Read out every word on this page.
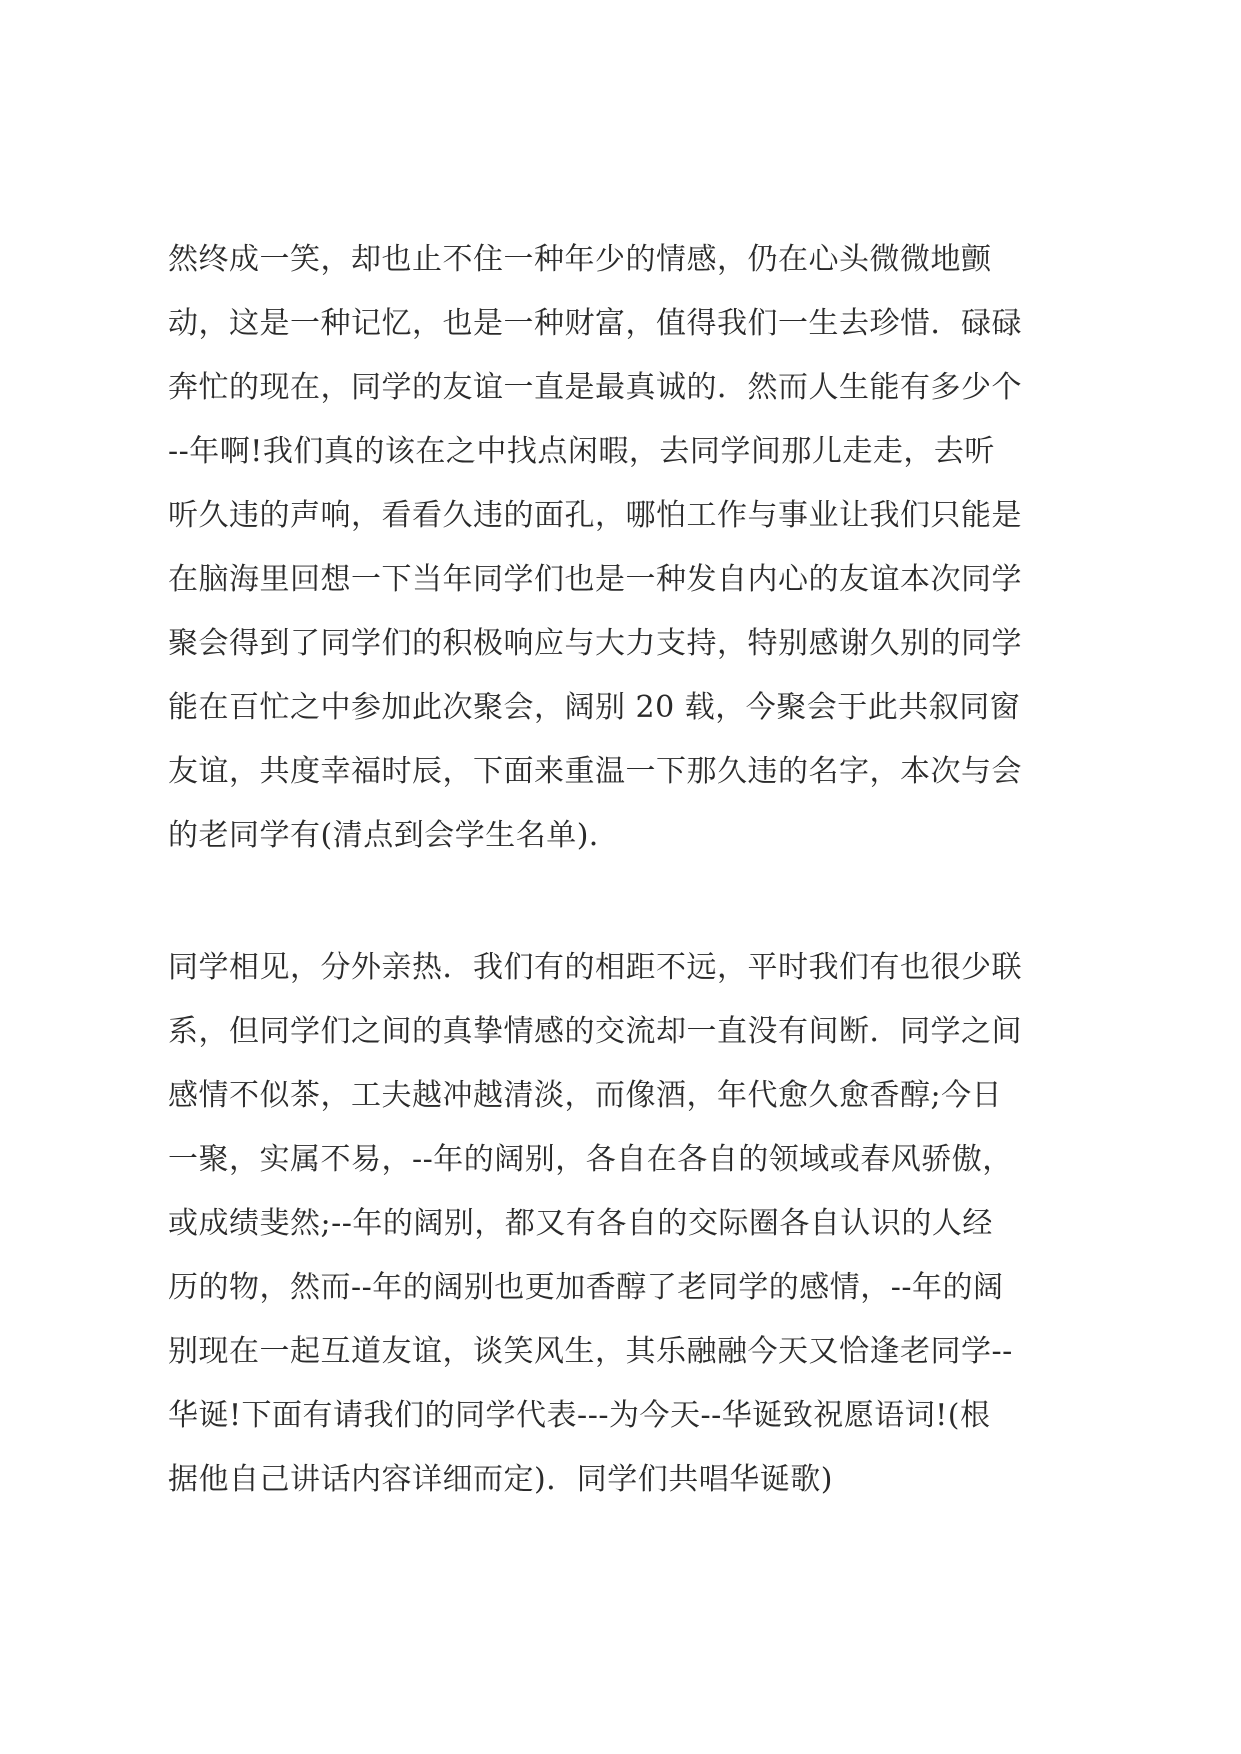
然终成一笑，却也止不住一种年少的情感，仍在心头微微地颤
动，这是一种记忆，也是一种财富，值得我们一生去珍惜．碌碌
奔忙的现在，同学的友谊一直是最真诚的．然而人生能有多少个
--年啊!我们真的该在之中找点闲暇，去同学间那儿走走，去听
听久违的声响，看看久违的面孔，哪怕工作与事业让我们只能是
在脑海里回想一下当年同学们也是一种发自内心的友谊本次同学
聚会得到了同学们的积极响应与大力支持，特别感谢久别的同学
能在百忙之中参加此次聚会，阔别 20 载，今聚会于此共叙同窗
友谊，共度幸福时辰，下面来重温一下那久违的名字，本次与会
的老同学有(清点到会学生名单)．
同学相见，分外亲热．我们有的相距不远，平时我们有也很少联
系，但同学们之间的真挚情感的交流却一直没有间断．同学之间
感情不似茶，工夫越冲越清淡，而像酒，年代愈久愈香醇;今日
一聚，实属不易，--年的阔别，各自在各自的领域或春风骄傲，
或成绩斐然;--年的阔别，都又有各自的交际圈各自认识的人经
历的物，然而--年的阔别也更加香醇了老同学的感情，--年的阔
别现在一起互道友谊，谈笑风生，其乐融融今天又恰逢老同学--
华诞!下面有请我们的同学代表---为今天--华诞致祝愿语词!(根
据他自己讲话内容详细而定)．同学们共唱华诞歌)
